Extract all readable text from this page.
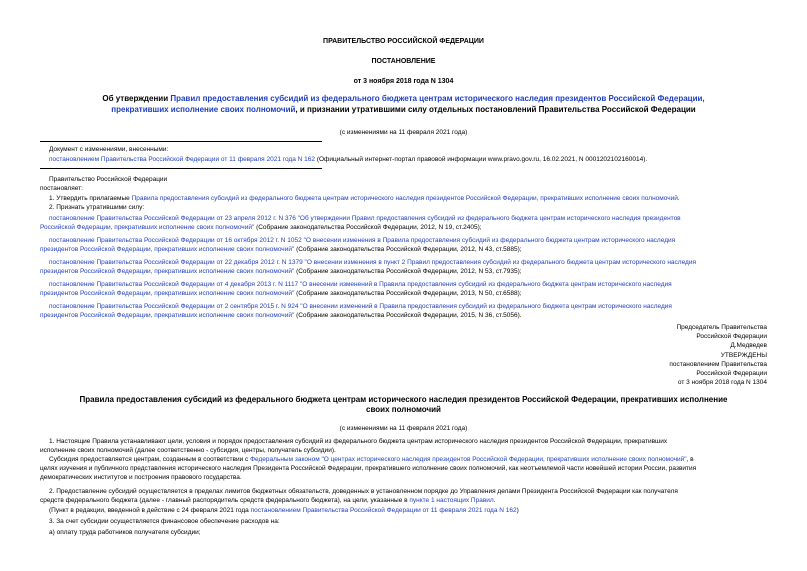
ПРАВИТЕЛЬСТВО РОССИЙСКОЙ ФЕДЕРАЦИИ
ПОСТАНОВЛЕНИЕ
от 3 ноября 2018 года N 1304
Об утверждении Правил предоставления субсидий из федерального бюджета центрам исторического наследия президентов Российской Федерации,
прекративших исполнение своих полномочий, и признании утратившими силу отдельных постановлений Правительства Российской Федерации
(с изменениями на 11 февраля 2021 года)
Документ с изменениями, внесенными:
постановлением Правительства Российской Федерации от 11 февраля 2021 года N 162 (Официальный интернет-портал правовой информации www.pravo.gov.ru, 16.02.2021, N 0001202102160014).
Правительство Российской Федерации
постановляет:
1. Утвердить прилагаемые Правила предоставления субсидий из федерального бюджета центрам исторического наследия президентов Российской Федерации, прекративших исполнение своих полномочий.
2. Признать утратившими силу:
постановление Правительства Российской Федерации от 23 апреля 2012 г. N 376 "Об утверждении Правил предоставления субсидий из федерального бюджета центрам исторического наследия президентов
Российской Федерации, прекративших исполнение своих полномочий" (Собрание законодательства Российской Федерации, 2012, N 19, ст.2405);
постановление Правительства Российской Федерации от 16 октября 2012 г. N 1052 "О внесении изменения в Правила предоставления субсидий из федерального бюджета центрам исторического наследия
президентов Российской Федерации, прекративших исполнение своих полномочий" (Собрание законодательства Российской Федерации, 2012, N 43, ст.5885);
постановление Правительства Российской Федерации от 22 декабря 2012 г. N 1379 "О внесении изменения в пункт 2 Правил предоставления субсидий из федерального бюджета центрам исторического наследия
президентов Российской Федерации, прекративших исполнение своих полномочий" (Собрание законодательства Российской Федерации, 2012, N 53, ст.7935);
постановление Правительства Российской Федерации от 4 декабря 2013 г. N 1117 "О внесении изменений в Правила предоставления субсидий из федерального бюджета центрам исторического наследия
президентов Российской Федерации, прекративших исполнение своих полномочий" (Собрание законодательства Российской Федерации, 2013, N 50, ст.6588);
постановление Правительства Российской Федерации от 2 сентября 2015 г. N 924 "О внесении изменений в Правила предоставления субсидий из федерального бюджета центрам исторического наследия
президентов Российской Федерации, прекративших исполнение своих полномочий" (Собрание законодательства Российской Федерации, 2015, N 36, ст.5056).
Председатель Правительства
Российской Федерации
Д.Медведев
УТВЕРЖДЕНЫ
постановлением Правительства
Российской Федерации
от 3 ноября 2018 года N 1304
Правила предоставления субсидий из федерального бюджета центрам исторического наследия президентов Российской Федерации, прекративших исполнение
своих полномочий
(с изменениями на 11 февраля 2021 года)
1. Настоящие Правила устанавливают цели, условия и порядок предоставления субсидий из федерального бюджета центрам исторического наследия президентов Российской Федерации, прекративших
исполнение своих полномочий (далее соответственно - субсидия, центры, получатель субсидии).
Субсидия предоставляется центрам, созданным в соответствии с Федеральным законом "О центрах исторического наследия президентов Российской Федерации, прекративших исполнение своих полномочий", в
целях изучения и публичного представления исторического наследия Президента Российской Федерации, прекратившего исполнение своих полномочий, как неотъемлемой части новейшей истории России, развития
демократических институтов и построения правового государства.
2. Предоставление субсидий осуществляется в пределах лимитов бюджетных обязательств, доведенных в установленном порядке до Управления делами Президента Российской Федерации как получателя
средств федерального бюджета (далее - главный распорядитель средств федерального бюджета), на цели, указанные в пункте 1 настоящих Правил.
(Пункт в редакции, введенной в действие с 24 февраля 2021 года постановлением Правительства Российской Федерации от 11 февраля 2021 года N 162)
3. За счет субсидии осуществляется финансовое обеспечение расходов на:
а) оплату труда работников получателя субсидии;
